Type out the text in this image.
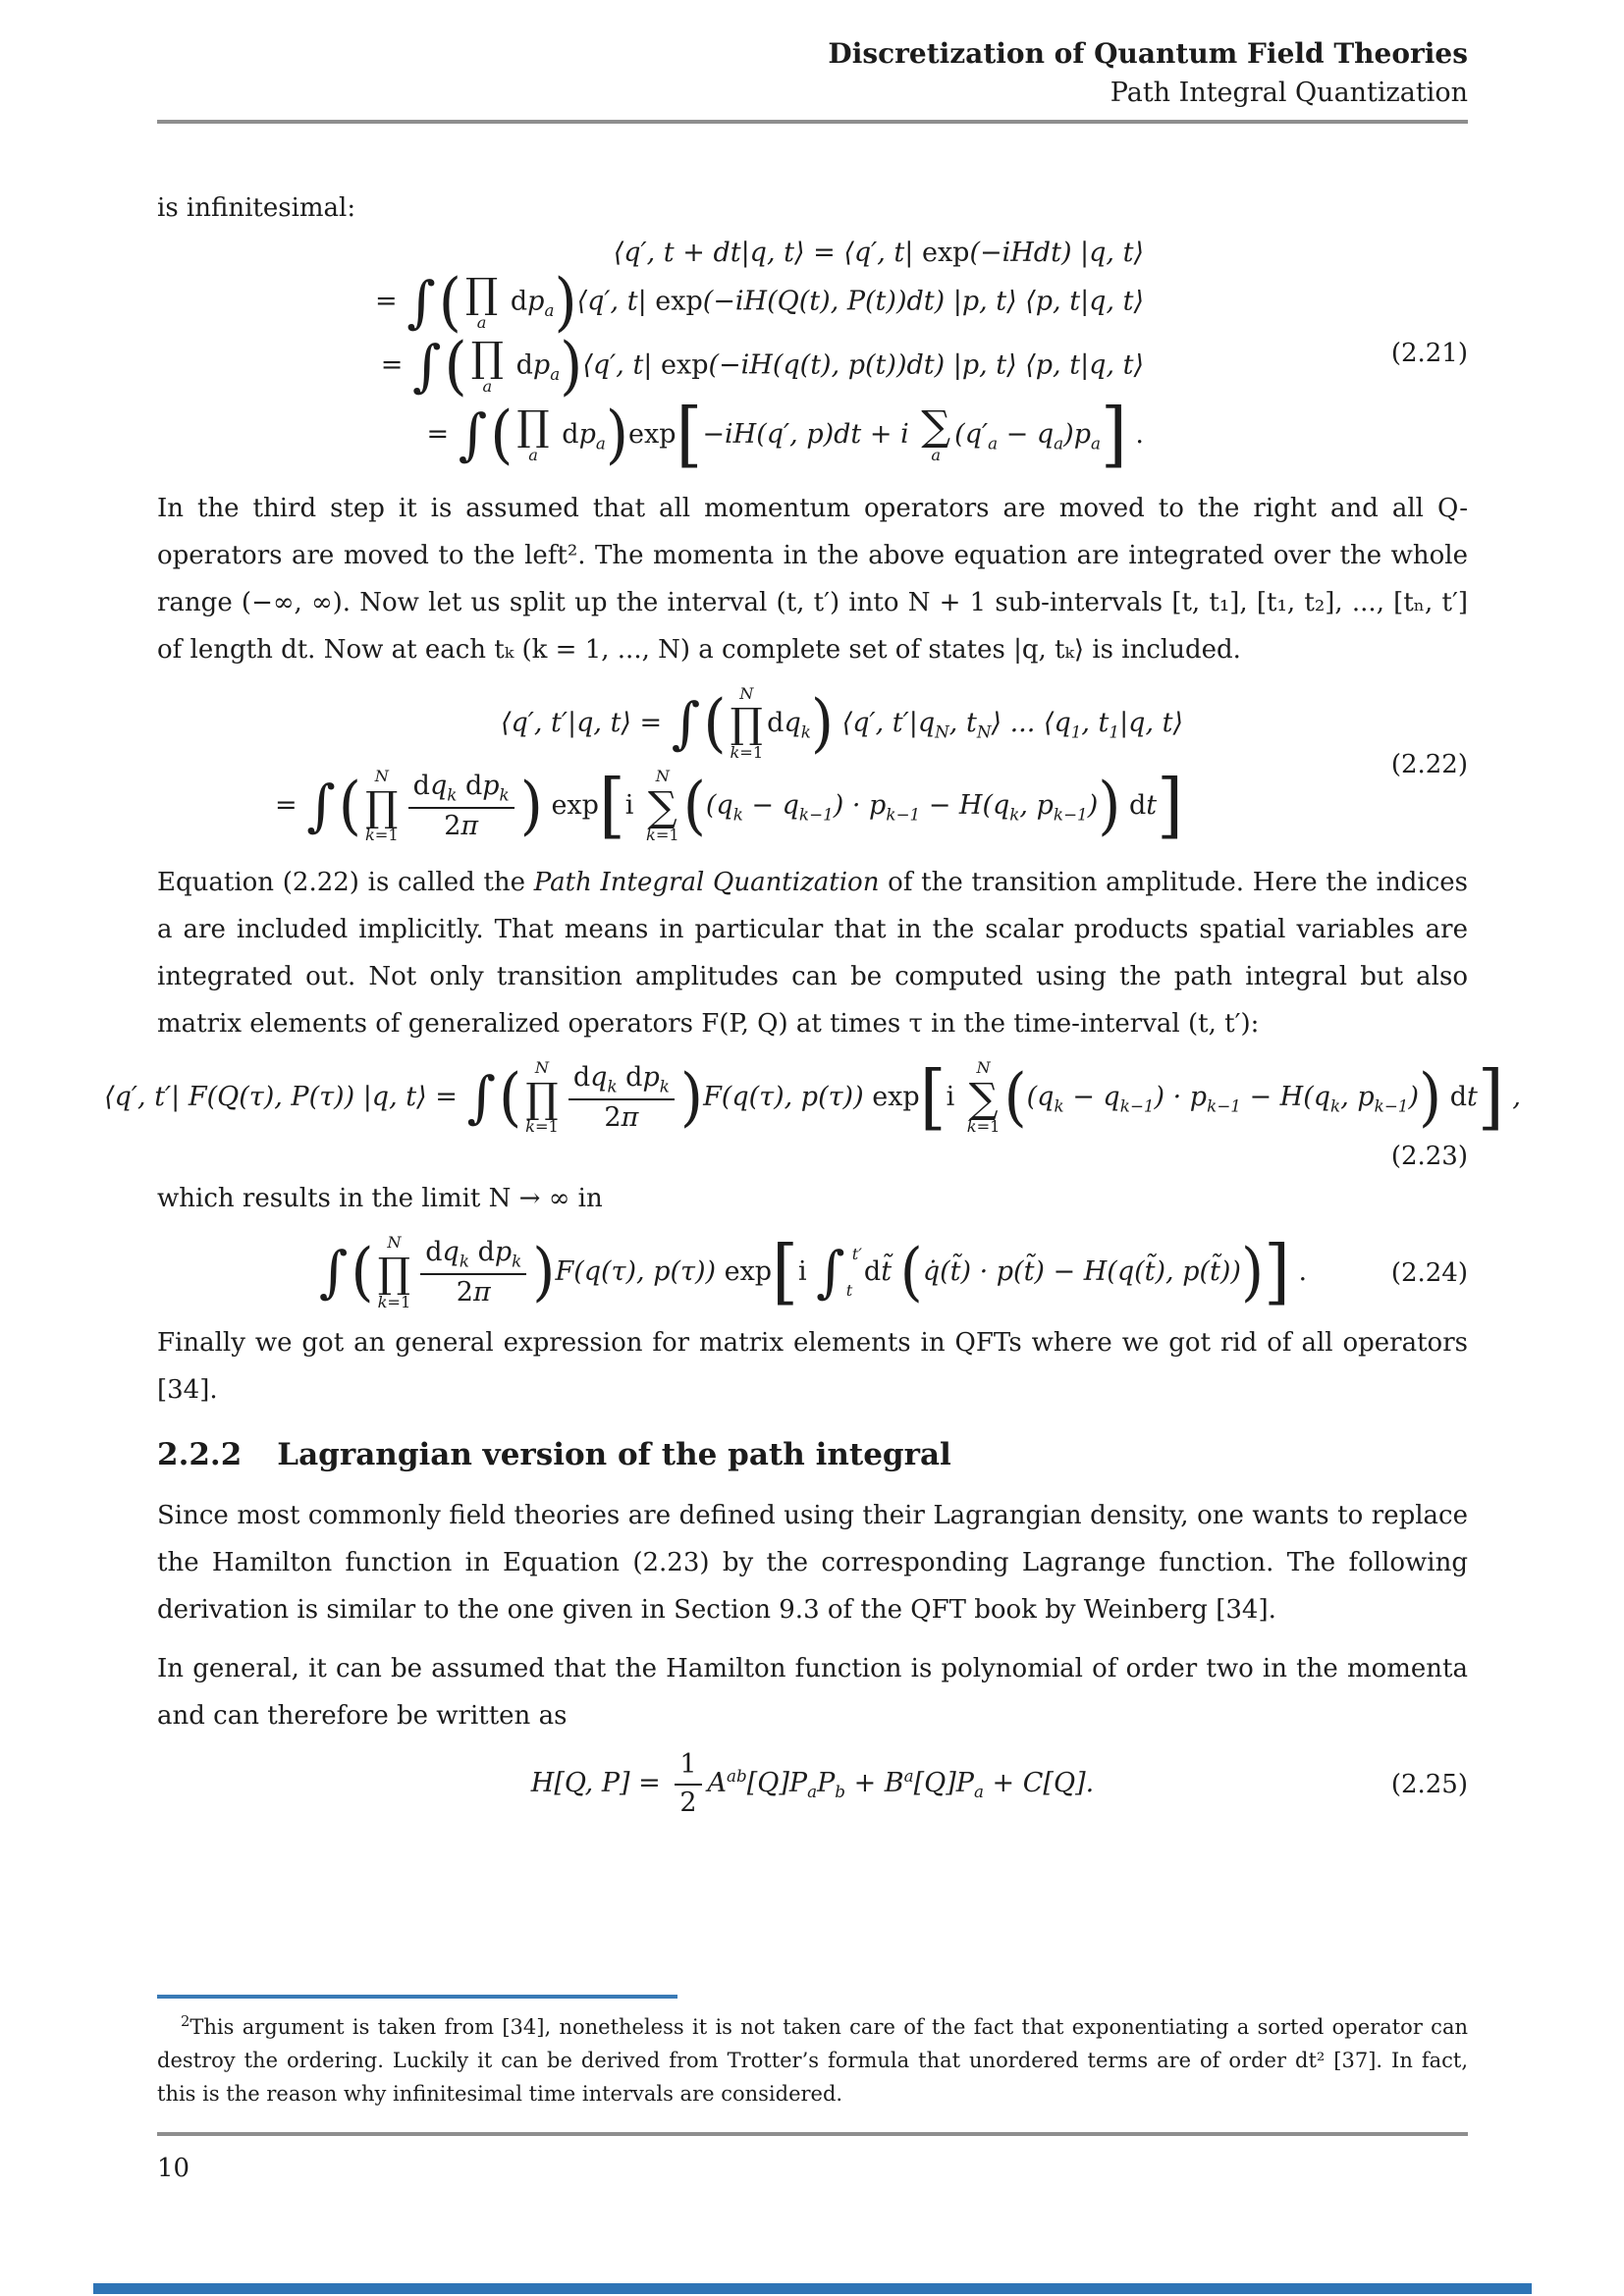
Discretization of Quantum Field Theories
Path Integral Quantization

is infinitesimal:

⟨q′, t + dt|q, t⟩ = ⟨q′, t| exp(−iHdt) |q, t⟩
= ∫( ∏
a
$dp_a)⟨q'$, t| exp(−iH(Q(t), P(t))dt) |p, t⟩ ⟨p, t|q, t⟩
= ∫( ∏
a
$dp_a)⟨q'$, t| exp(−iH(q(t), p(t))dt) |p, t⟩ ⟨p, t|q, t⟩
= ∫( ∏
a
$dp_a)\exp[-iH(q'$, p)dt + i ∑
a
$(q'_a - q_a)p_a$] .
(2.21)

In the third step it is assumed that all momentum operators are moved to the right and all Q-operators are moved to the left². The momenta in the above equation are integrated over the whole range (−∞, ∞). Now let us split up the interval (t, t′) into N + 1 sub-intervals [t, t₁], [t₁, t₂], ..., [tₙ, t′] of length dt. Now at each tₖ (k = 1, ..., N) a complete set of states |q, tₖ⟩ is included.

⟨q′, t′|q, t⟩ = ∫( N
∏
k=1
$dq_k$) ⟨q′, $t'|q_N$, $t_N⟩$ ... $⟨q_1$, $t_1|q$, t⟩
= ∫( N
∏
$k=1 \frac{dq_k dp_k}{2\pi}$ ) exp[i
N
∑
k=1 ($(q_k - q_{k-1}) \cdot p_{k-1} - H(q_k$, $p_{k-1}$)) dt]	(2.22)

Equation (2.22) is called the Path Integral Quantization of the transition amplitude. Here the indices a are included implicitly. That means in particular that in the scalar products spatial variables are integrated out. Not only transition amplitudes can be computed using the path integral but also matrix elements of generalized operators F(P, Q) at times τ in the time-interval (t, t′):

⟨q′, t′| F(Q(τ), P(τ)) |q, t⟩ = ∫( N
∏
$k=1 \frac{dq_k dp_k}{2\pi} )F(q(\tau)$, p(τ)) exp[i
N
∑
k=1 ($(q_k - q_{k-1}) \cdot p_{k-1} - H(q_k$, $p_{k-1}$)) dt] ,
(2.23)

which results in the limit N → ∞ in

∫( N
∏
$k=1 \frac{dq_k dp_k}{2\pi} )F(q(\tau)$, p(τ)) exp[i ∫ t′
t
dt̃ (q̇(t̃) · p(t̃) − H(q(t̃), p(t̃)))] .	(2.24)

Finally we got an general expression for matrix elements in QFTs where we got rid of all operators [34].

2.2.2 Lagrangian version of the path integral

Since most commonly field theories are defined using their Lagrangian density, one wants to replace the Hamilton function in Equation (2.23) by the corresponding Lagrange function. The following derivation is similar to the one given in Section 9.3 of the QFT book by Weinberg [34].

In general, it can be assumed that the Hamilton function is polynomial of order two in the momenta and can therefore be written as

H[Q, $P] = \frac{1}{2} A^{ab}[Q]P_aP_b + B^a[Q]P_a + C[Q]$.	(2.25)

$^2$This argument is taken from [34], nonetheless it is not taken care of the fact that exponentiating a sorted operator can destroy the ordering. Luckily it can be derived from Trotter’s formula that unordered terms are of order dt² [37]. In fact, this is the reason why infinitesimal time intervals are considered.

10
